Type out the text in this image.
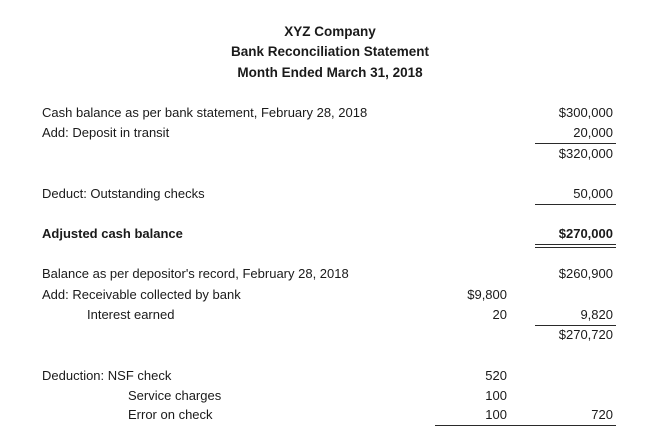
XYZ Company
Bank Reconciliation Statement
Month Ended March 31, 2018
Cash balance as per bank statement, February 28, 2018	$300,000
Add: Deposit in transit	20,000
$320,000
Deduct: Outstanding checks	50,000
Adjusted cash balance	$270,000
Balance as per depositor's record, February 28, 2018	$260,900
Add: Receivable collected by bank	$9,800
Interest earned	20	9,820
$270,720
Deduction: NSF check	520
Service charges	100
Error on check	100	720
